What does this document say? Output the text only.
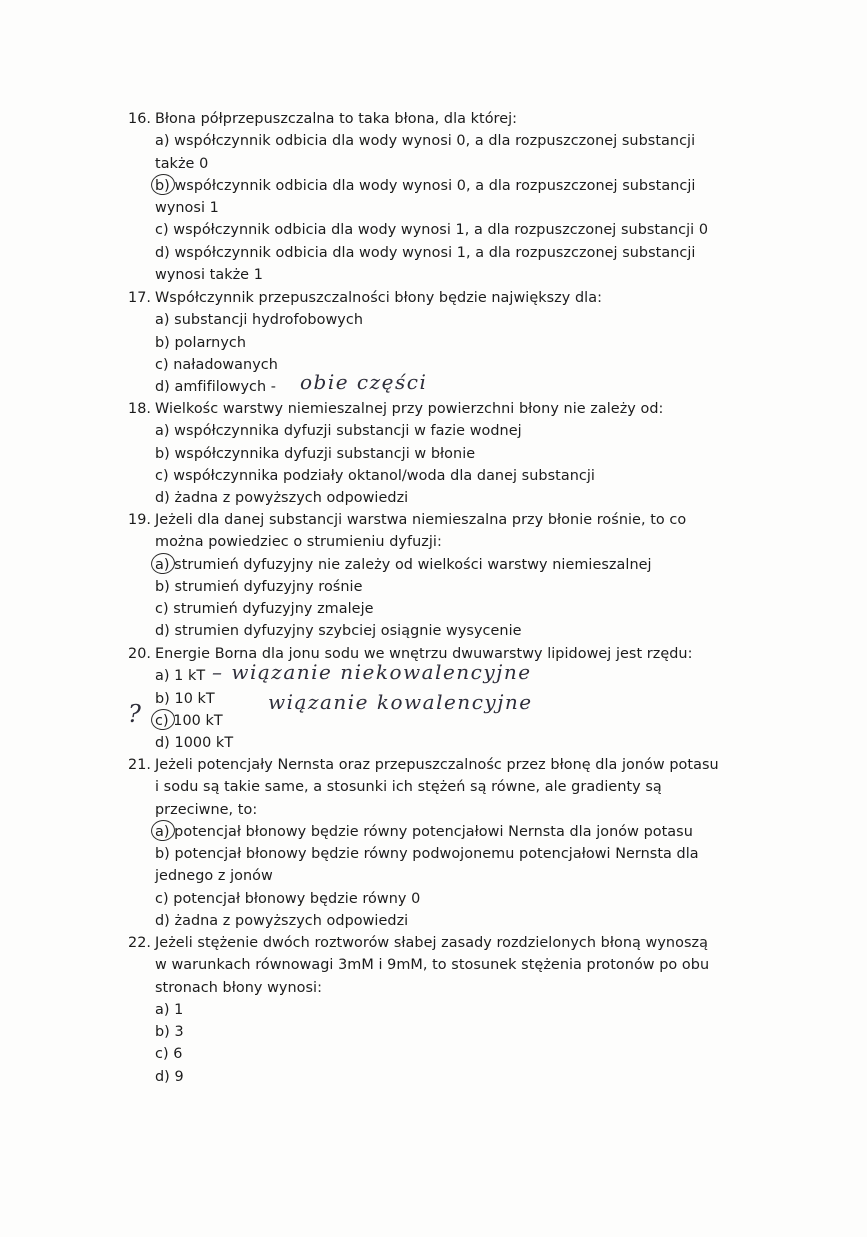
16. Błona półprzepuszczalna to taka błona, dla której:
a) współczynnik odbicia dla wody wynosi 0, a dla rozpuszczonej substancji
także 0
b) współczynnik odbicia dla wody wynosi 0, a dla rozpuszczonej substancji
wynosi 1
c) współczynnik odbicia dla wody wynosi 1, a dla rozpuszczonej substancji 0
d) współczynnik odbicia dla wody wynosi 1, a dla rozpuszczonej substancji
wynosi także 1
17. Współczynnik przepuszczalności błony będzie największy dla:
a) substancji hydrofobowych
b) polarnych
c) naładowanych
d) amfifilowych -
18. Wielkośc warstwy niemieszalnej przy powierzchni błony nie zależy od:
a) współczynnika dyfuzji substancji w fazie wodnej
b) współczynnika dyfuzji substancji w błonie
c) współczynnika podziały oktanol/woda dla danej substancji
d) żadna z powyższych odpowiedzi
19. Jeżeli dla danej substancji warstwa niemieszalna przy błonie rośnie, to co
można powiedziec o strumieniu dyfuzji:
a) strumień dyfuzyjny nie zależy od wielkości warstwy niemieszalnej
b) strumień dyfuzyjny rośnie
c) strumień dyfuzyjny zmaleje
d) strumien dyfuzyjny szybciej osiągnie wysycenie
20. Energie Borna dla jonu sodu we wnętrzu dwuwarstwy lipidowej jest rzędu:
a) 1 kT
b) 10 kT
c) 100 kT
d) 1000 kT
21. Jeżeli potencjały Nernsta oraz przepuszczalnośc przez błonę dla jonów potasu
i sodu są takie same, a stosunki ich stężeń są równe, ale gradienty są
przeciwne, to:
a) potencjał błonowy będzie równy potencjałowi Nernsta dla jonów potasu
b) potencjał błonowy będzie równy podwojonemu potencjałowi Nernsta dla
jednego z jonów
c) potencjał błonowy będzie równy 0
d) żadna z powyższych odpowiedzi
22. Jeżeli stężenie dwóch roztworów słabej zasady rozdzielonych błoną wynoszą
w warunkach równowagi 3mM i 9mM, to stosunek stężenia protonów po obu
stronach błony wynosi:
a) 1
b) 3
c) 6
d) 9
obie części
– wiązanie niekowalencyjne
wiązanie kowalencyjne
?
